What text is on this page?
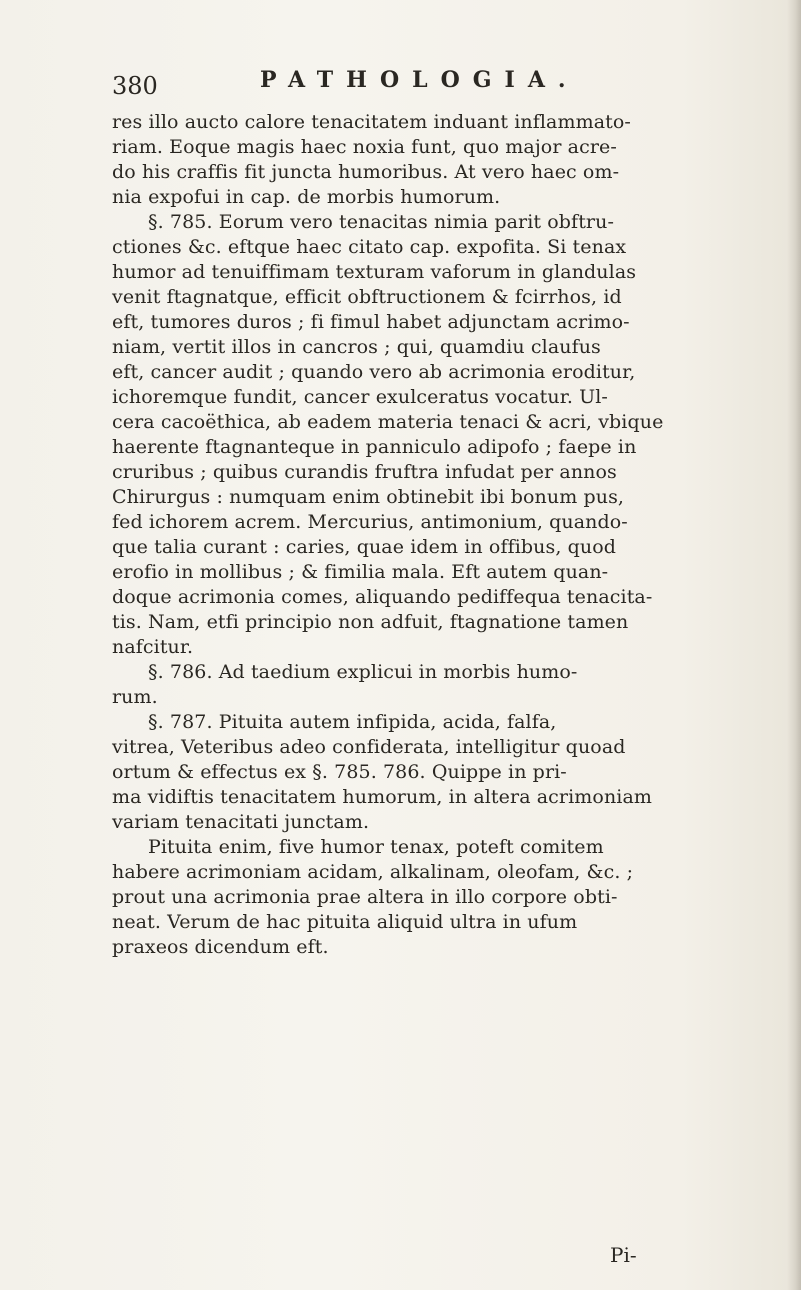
380	PATHOLOGIA.
res illo aucto calore tenacitatem induant inflammato-
riam. Eoque magis haec noxia funt, quo major acre-
do his craffis fit juncta humoribus. At vero haec om-
nia expofui in cap. de morbis humorum.
§. 785. Eorum vero tenacitas nimia parit obftru-
ctiones &c. eftque haec citato cap. expofita. Si tenax
humor ad tenuiffimam texturam vaforum in glandulas
venit ftagnatque, efficit obftructionem & fcirrhos, id
eft, tumores duros ; fi fimul habet adjunctam acrimo-
niam, vertit illos in cancros ; qui, quamdiu claufus
eft, cancer audit ; quando vero ab acrimonia eroditur,
ichoremque fundit, cancer exulceratus vocatur. Ul-
cera cacoëthica, ab eadem materia tenaci & acri, vbique
haerente ftagnanteque in panniculo adipofo ; faepe in
cruribus ; quibus curandis fruftra infudat per annos
Chirurgus : numquam enim obtinebit ibi bonum pus,
fed ichorem acrem. Mercurius, antimonium, quando-
que talia curant : caries, quae idem in offibus, quod
erofio in mollibus ; & fimilia mala. Eft autem quan-
doque acrimonia comes, aliquando pediffequa tenacita-
tis. Nam, etfi principio non adfuit, ftagnatione tamen
nafcitur.
§. 786. Ad taedium explicui in morbis humo-
rum.
§. 787. Pituita autem infipida, acida, falfa,
vitrea, Veteribus adeo confiderata, intelligitur quoad
ortum & effectus ex §. 785. 786. Quippe in pri-
ma vidiftis tenacitatem humorum, in altera acrimoniam
variam tenacitati junctam.
Pituita enim, five humor tenax, poteft comitem
habere acrimoniam acidam, alkalinam, oleofam, &c. ;
prout una acrimonia prae altera in illo corpore obti-
neat. Verum de hac pituita aliquid ultra in ufum
praxeos dicendum eft.
Pi-
